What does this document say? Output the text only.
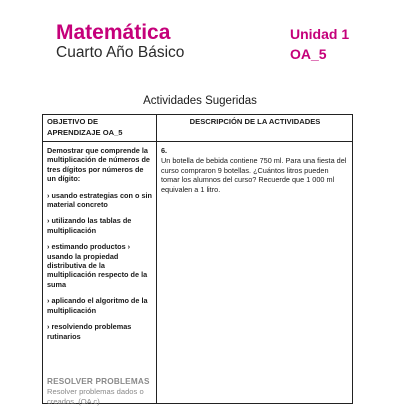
Matemática
Cuarto Año Básico
Unidad 1
OA_5
Actividades Sugeridas
OBJETIVO DE APRENDIZAJE OA_5
DESCRIPCIÓN DE LA ACTIVIDADES

Demostrar que comprende la multiplicación de números de tres dígitos por números de un dígito:

› usando estrategias con o sin material concreto

› utilizando las tablas de multiplicación

› estimando productos › usando la propiedad distributiva de la multiplicación respecto de la suma

› aplicando el algoritmo de la multiplicación

› resolviendo problemas rutinarios

6.

Un botella de bebida contiene 750 ml. Para una fiesta del curso compraron 9 botellas. ¿Cuántos litros pueden tomar los alumnos del curso? Recuerde que 1 000 ml equivalen a 1 litro.

RESOLVER PROBLEMAS
Resolver problemas dados o creados. (OA c)
